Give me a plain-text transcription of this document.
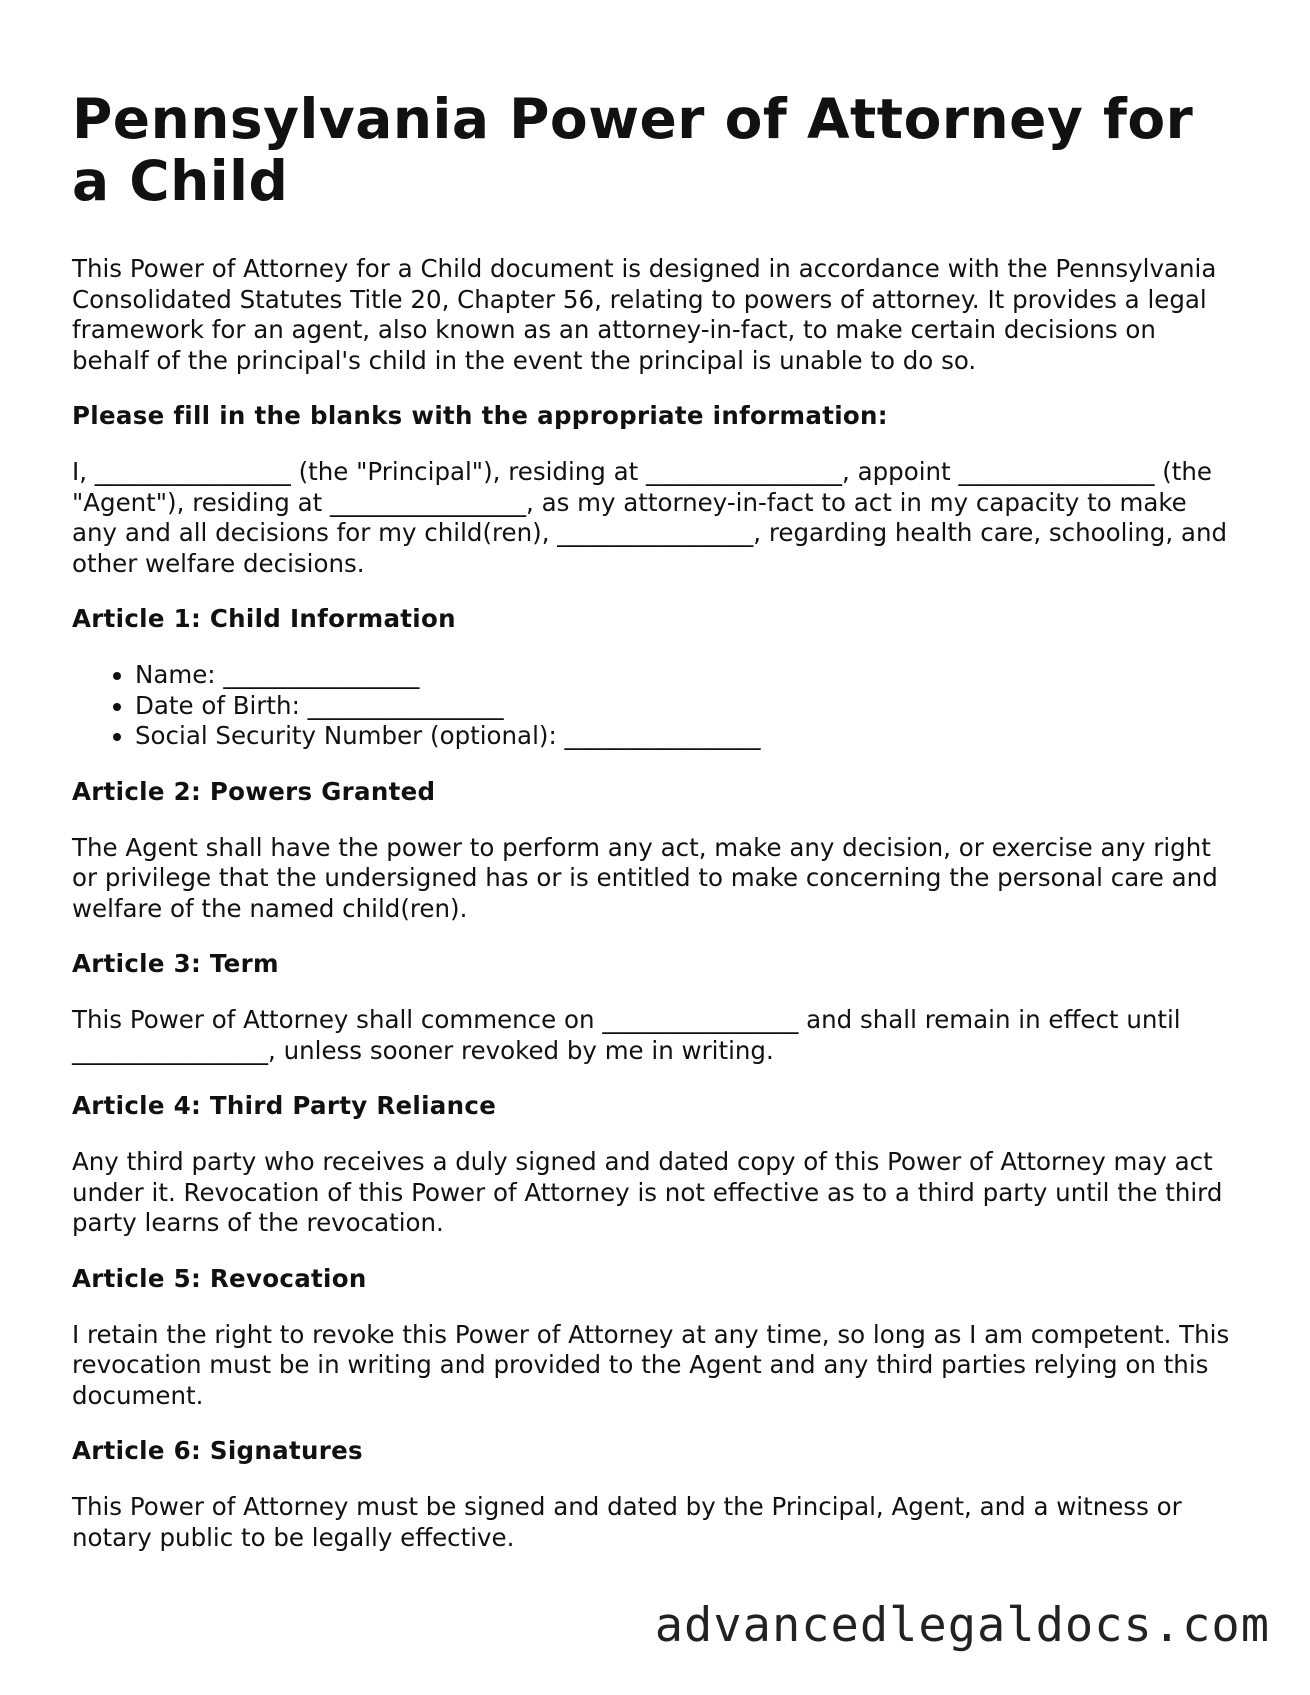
Pennsylvania Power of Attorney for a Child

This Power of Attorney for a Child document is designed in accordance with the Pennsylvania Consolidated Statutes Title 20, Chapter 56, relating to powers of attorney. It provides a legal framework for an agent, also known as an attorney-in-fact, to make certain decisions on behalf of the principal's child in the event the principal is unable to do so.

Please fill in the blanks with the appropriate information:

I, ________________ (the "Principal"), residing at ________________, appoint ________________ (the "Agent"), residing at ________________, as my attorney-in-fact to act in my capacity to make any and all decisions for my child(ren), ________________, regarding health care, schooling, and other welfare decisions.

Article 1: Child Information
• Name: ________________
• Date of Birth: ________________
• Social Security Number (optional): ________________
Article 2: Powers Granted

The Agent shall have the power to perform any act, make any decision, or exercise any right or privilege that the undersigned has or is entitled to make concerning the personal care and welfare of the named child(ren).

Article 3: Term

This Power of Attorney shall commence on ________________ and shall remain in effect until ________________, unless sooner revoked by me in writing.

Article 4: Third Party Reliance

Any third party who receives a duly signed and dated copy of this Power of Attorney may act under it. Revocation of this Power of Attorney is not effective as to a third party until the third party learns of the revocation.

Article 5: Revocation

I retain the right to revoke this Power of Attorney at any time, so long as I am competent. This revocation must be in writing and provided to the Agent and any third parties relying on this document.

Article 6: Signatures

This Power of Attorney must be signed and dated by the Principal, Agent, and a witness or notary public to be legally effective.

advancedlegaldocs.com
